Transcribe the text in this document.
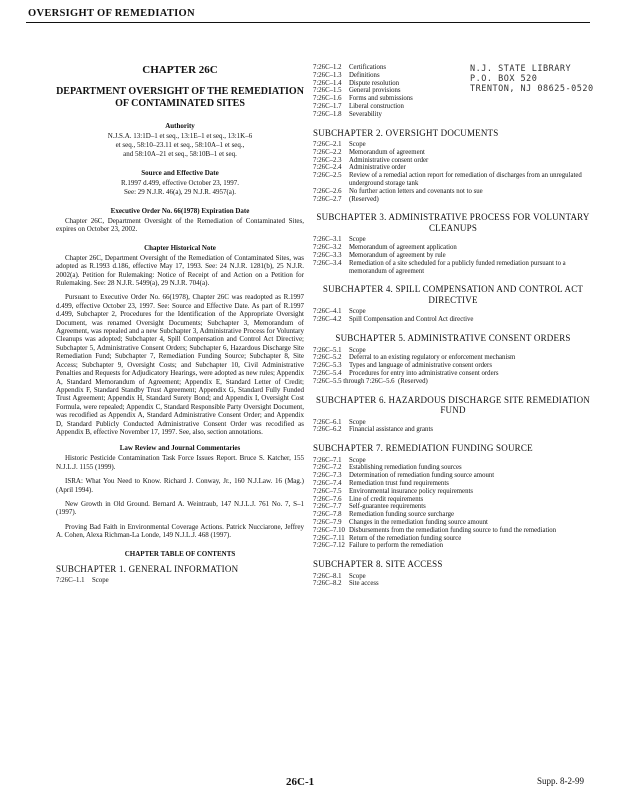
OVERSIGHT OF REMEDIATION
CHAPTER 26C
DEPARTMENT OVERSIGHT OF THE REMEDIATION OF CONTAMINATED SITES
Authority
N.J.S.A. 13:1D–1 et seq., 13:1E–1 et seq., 13:1K–6
et seq., 58:10–23.11 et seq., 58:10A–1 et seq.,
and 58:10A–21 et seq., 58:10B–1 et seq.
Source and Effective Date
R.1997 d.499, effective October 23, 1997.
See: 29 N.J.R. 46(a), 29 N.J.R. 4957(a).
Executive Order No. 66(1978) Expiration Date

Chapter 26C, Department Oversight of the Remediation of Contaminated Sites, expires on October 23, 2002.

Chapter Historical Note

Chapter 26C, Department Oversight of the Remediation of Contaminated Sites, was adopted as R.1993 d.186, effective May 17, 1993. See: 24 N.J.R. 1281(b), 25 N.J.R. 2002(a). Petition for Rulemaking: Notice of Receipt of and Action on a Petition for Rulemaking. See: 28 N.J.R. 5499(a), 29 N.J.R. 704(a).

Pursuant to Executive Order No. 66(1978), Chapter 26C was readopted as R.1997 d.499, effective October 23, 1997. See: Source and Effective Date. As part of R.1997 d.499, Subchapter 2, Procedures for the Identification of the Appropriate Oversight Document, was renamed Oversight Documents; Subchapter 3, Memorandum of Agreement, was repealed and a new Subchapter 3, Administrative Process for Voluntary Cleanups was adopted; Subchapter 4, Spill Compensation and Control Act Directive; Subchapter 5, Administrative Consent Orders; Subchapter 6, Hazardous Discharge Site Remediation Fund; Subchapter 7, Remediation Funding Source; Subchapter 8, Site Access; Subchapter 9, Oversight Costs; and Subchapter 10, Civil Administrative Penalties and Requests for Adjudicatory Hearings, were adopted as new rules; Appendix A, Standard Memorandum of Agreement; Appendix E, Standard Letter of Credit; Appendix F, Standard Standby Trust Agreement; Appendix G, Standard Fully Funded Trust Agreement; Appendix H, Standard Surety Bond; and Appendix I, Oversight Cost Formula, were repealed; Appendix C, Standard Responsible Party Oversight Document, was recodified as Appendix A, Standard Administrative Consent Order; and Appendix D, Standard Publicly Conducted Administrative Consent Order was recodified as Appendix B, effective November 17, 1997. See, also, section annotations.

Law Review and Journal Commentaries

Historic Pesticide Contamination Task Force Issues Report. Bruce S. Katcher, 155 N.J.L.J. 1155 (1999).

ISRA: What You Need to Know. Richard J. Conway, Jr., 160 N.J.Law. 16 (Mag.) (April 1994).

New Growth in Old Ground. Bernard A. Weintraub, 147 N.J.L.J. 761 No. 7, S–1 (1997).

Proving Bad Faith in Environmental Coverage Actions. Patrick Nucciarone, Jeffrey A. Cohen, Alexa Richman-La Londe, 149 N.J.L.J. 468 (1997).

CHAPTER TABLE OF CONTENTS
SUBCHAPTER 1. GENERAL INFORMATION
7:26C–1.1	Scope
7:26C–1.2	Certifications
7:26C–1.3	Definitions
7:26C–1.4	Dispute resolution
7:26C–1.5	General provisions
7:26C–1.6	Forms and submissions
7:26C–1.7	Liberal construction
7:26C–1.8	Severability
SUBCHAPTER 2. OVERSIGHT DOCUMENTS
7:26C–2.1	Scope
7:26C–2.2	Memorandum of agreement
7:26C–2.3	Administrative consent order
7:26C–2.4	Administrative order
7:26C–2.5	Review of a remedial action report for remediation of discharges from an unregulated underground storage tank
7:26C–2.6	No further action letters and covenants not to sue
7:26C–2.7	(Reserved)
SUBCHAPTER 3. ADMINISTRATIVE PROCESS FOR VOLUNTARY CLEANUPS
7:26C–3.1	Scope
7:26C–3.2	Memorandum of agreement application
7:26C–3.3	Memorandum of agreement by rule
7:26C–3.4	Remediation of a site scheduled for a publicly funded remediation pursuant to a memorandum of agreement
SUBCHAPTER 4. SPILL COMPENSATION AND CONTROL ACT DIRECTIVE
7:26C–4.1	Scope
7:26C–4.2	Spill Compensation and Control Act directive
SUBCHAPTER 5. ADMINISTRATIVE CONSENT ORDERS
7:26C–5.1	Scope
7:26C–5.2	Deferral to an existing regulatory or enforcement mechanism
7:26C–5.3	Types and language of administrative consent orders
7:26C–5.4	Procedures for entry into administrative consent orders
7:26C–5.5 through 7:26C–5.6
(Reserved)
SUBCHAPTER 6. HAZARDOUS DISCHARGE SITE REMEDIATION FUND
7:26C–6.1	Scope
7:26C–6.2	Financial assistance and grants
SUBCHAPTER 7. REMEDIATION FUNDING SOURCE
7:26C–7.1	Scope
7:26C–7.2	Establishing remediation funding sources
7:26C–7.3	Determination of remediation funding source amount
7:26C–7.4	Remediation trust fund requirements
7:26C–7.5	Environmental insurance policy requirements
7:26C–7.6	Line of credit requirements
7:26C–7.7	Self-guarantee requirements
7:26C–7.8	Remediation funding source surcharge
7:26C–7.9	Changes in the remediation funding source amount
7:26C–7.10 Disbursements from the remediation funding source to fund the remediation
7:26C–7.11 Return of the remediation funding source
7:26C–7.12 Failure to perform the remediation
SUBCHAPTER 8. SITE ACCESS
7:26C–8.1	Scope
7:26C–8.2	Site access
N.J. STATE LIBRARY
P.O. BOX 520
TRENTON, NJ 08625-0520
26C-1	Supp. 8-2-99
